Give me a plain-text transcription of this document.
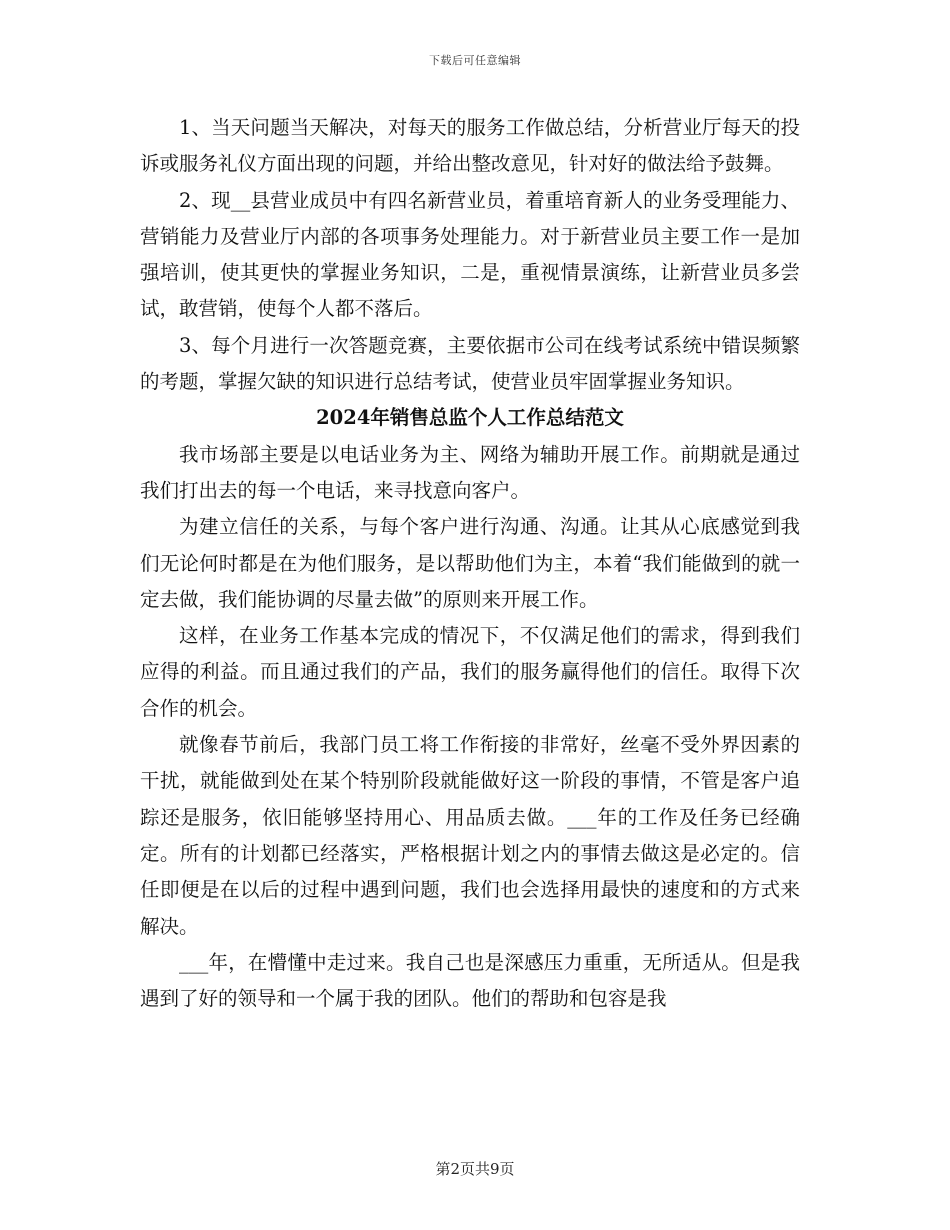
下载后可任意编辑

1、当天问题当天解决，对每天的服务工作做总结，分析营业厅每天的投诉或服务礼仪方面出现的问题，并给出整改意见，针对好的做法给予鼓舞。

2、现__县营业成员中有四名新营业员，着重培育新人的业务受理能力、营销能力及营业厅内部的各项事务处理能力。对于新营业员主要工作一是加强培训，使其更快的掌握业务知识，二是，重视情景演练，让新营业员多尝试，敢营销，使每个人都不落后。

3、每个月进行一次答题竞赛，主要依据市公司在线考试系统中错误频繁的考题，掌握欠缺的知识进行总结考试，使营业员牢固掌握业务知识。

2024年销售总监个人工作总结范文

我市场部主要是以电话业务为主、网络为辅助开展工作。前期就是通过我们打出去的每一个电话，来寻找意向客户。

为建立信任的关系，与每个客户进行沟通、沟通。让其从心底感觉到我们无论何时都是在为他们服务，是以帮助他们为主，本着“我们能做到的就一定去做，我们能协调的尽量去做”的原则来开展工作。

这样，在业务工作基本完成的情况下，不仅满足他们的需求，得到我们应得的利益。而且通过我们的产品，我们的服务赢得他们的信任。取得下次合作的机会。

就像春节前后，我部门员工将工作衔接的非常好，丝毫不受外界因素的干扰，就能做到处在某个特别阶段就能做好这一阶段的事情，不管是客户追踪还是服务，依旧能够坚持用心、用品质去做。___年的工作及任务已经确定。所有的计划都已经落实，严格根据计划之内的事情去做这是必定的。信任即便是在以后的过程中遇到问题，我们也会选择用最快的速度和的方式来解决。

___年，在懵懂中走过来。我自己也是深感压力重重，无所适从。但是我遇到了好的领导和一个属于我的团队。他们的帮助和包容是我

第2页共9页
